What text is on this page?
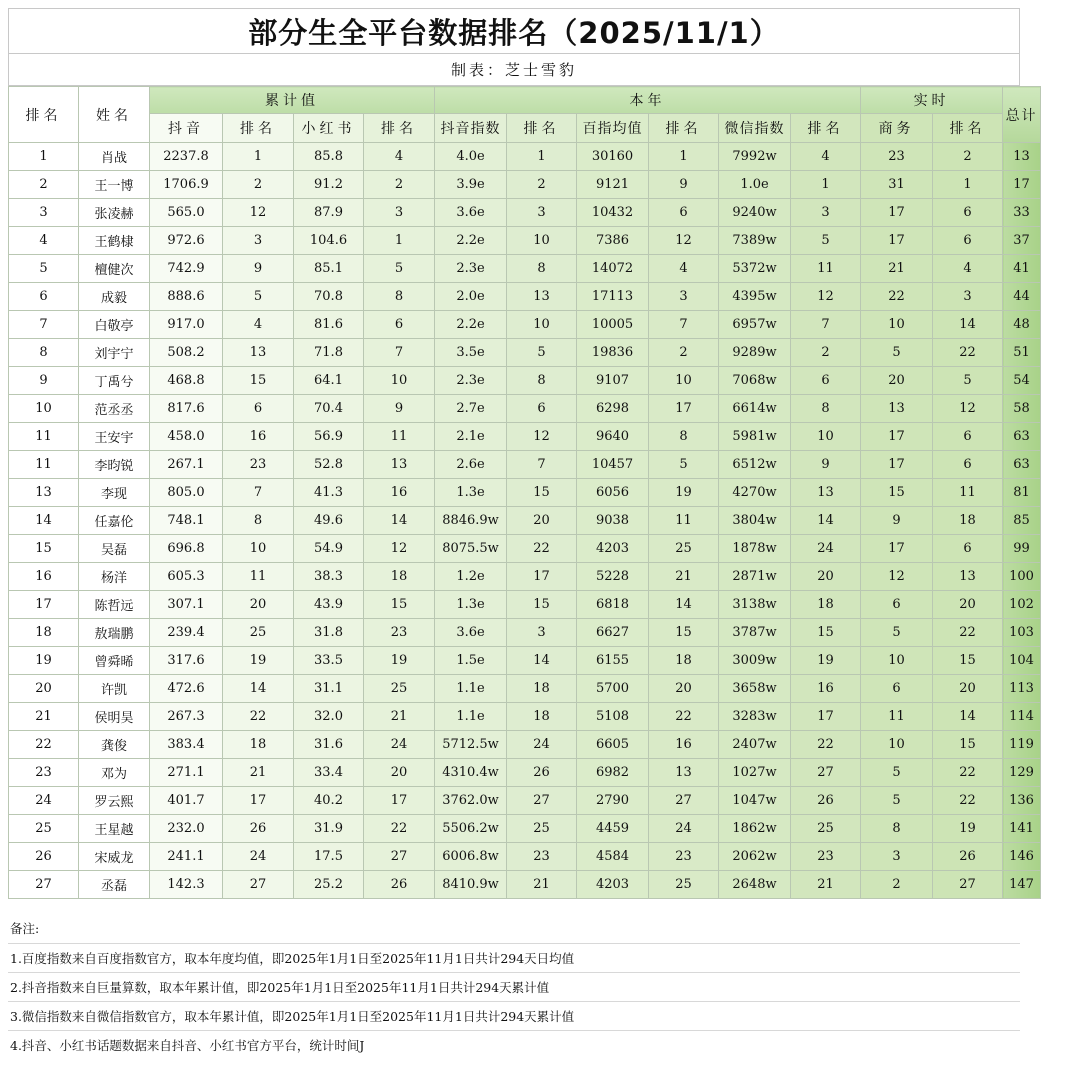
部分生全平台数据排名（2025/11/1）
制表：芝士雪豹
排名	姓名	累计值				本年						实时		总计
		抖音	排名	小红书	排名	抖音指数	排名	百指均值	排名	微信指数	排名	商务	排名	
1	肖战	2237.8	1	85.8	4	4.0e	1	30160	1	7992w	4	23	2	13
2	王一博	1706.9	2	91.2	2	3.9e	2	9121	9	1.0e	1	31	1	17
3	张凌赫	565.0	12	87.9	3	3.6e	3	10432	6	9240w	3	17	6	33
4	王鹤棣	972.6	3	104.6	1	2.2e	10	7386	12	7389w	5	17	6	37
5	檀健次	742.9	9	85.1	5	2.3e	8	14072	4	5372w	11	21	4	41
6	成毅	888.6	5	70.8	8	2.0e	13	17113	3	4395w	12	22	3	44
7	白敬亭	917.0	4	81.6	6	2.2e	10	10005	7	6957w	7	10	14	48
8	刘宇宁	508.2	13	71.8	7	3.5e	5	19836	2	9289w	2	5	22	51
9	丁禹兮	468.8	15	64.1	10	2.3e	8	9107	10	7068w	6	20	5	54
10	范丞丞	817.6	6	70.4	9	2.7e	6	6298	17	6614w	8	13	12	58
11	王安宇	458.0	16	56.9	11	2.1e	12	9640	8	5981w	10	17	6	63
11	李昀锐	267.1	23	52.8	13	2.6e	7	10457	5	6512w	9	17	6	63
13	李现	805.0	7	41.3	16	1.3e	15	6056	19	4270w	13	15	11	81
14	任嘉伦	748.1	8	49.6	14	8846.9w	20	9038	11	3804w	14	9	18	85
15	吴磊	696.8	10	54.9	12	8075.5w	22	4203	25	1878w	24	17	6	99
16	杨洋	605.3	11	38.3	18	1.2e	17	5228	21	2871w	20	12	13	100
17	陈哲远	307.1	20	43.9	15	1.3e	15	6818	14	3138w	18	6	20	102
18	敖瑞鹏	239.4	25	31.8	23	3.6e	3	6627	15	3787w	15	5	22	103
19	曾舜晞	317.6	19	33.5	19	1.5e	14	6155	18	3009w	19	10	15	104
20	许凯	472.6	14	31.1	25	1.1e	18	5700	20	3658w	16	6	20	113
21	侯明昊	267.3	22	32.0	21	1.1e	18	5108	22	3283w	17	11	14	114
22	龚俊	383.4	18	31.6	24	5712.5w	24	6605	16	2407w	22	10	15	119
23	邓为	271.1	21	33.4	20	4310.4w	26	6982	13	1027w	27	5	22	129
24	罗云熙	401.7	17	40.2	17	3762.0w	27	2790	27	1047w	26	5	22	136
25	王星越	232.0	26	31.9	22	5506.2w	25	4459	24	1862w	25	8	19	141
26	宋威龙	241.1	24	17.5	27	6006.8w	23	4584	23	2062w	23	3	26	146
27	丞磊	142.3	27	25.2	26	8410.9w	21	4203	25	2648w	21	2	27	147
备注:
1.百度指数来自百度指数官方，取本年度均值，即2025年1月1日至2025年11月1日共计294天日均值
2.抖音指数来自巨量算数，取本年累计值，即2025年1月1日至2025年11月1日共计294天累计值
3.微信指数来自微信指数官方，取本年累计值，即2025年1月1日至2025年11月1日共计294天累计值
4.抖音、小红书话题数据来自抖音、小红书官方平台，统计时间J
